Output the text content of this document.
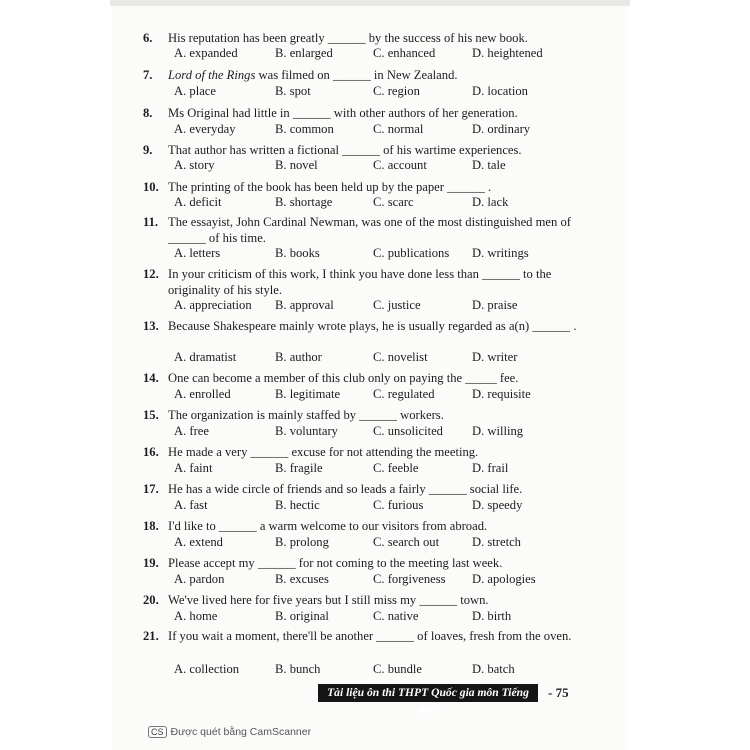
6. His reputation has been greatly ______ by the success of his new book.
A. expanded	B. enlarged	C. enhanced	D. heightened
7. Lord of the Rings was filmed on ______ in New Zealand.
A. place	B. spot	C. region	D. location
8. Ms Original had little in ______ with other authors of her generation.
A. everyday	B. common	C. normal	D. ordinary
9. That author has written a fictional ______ of his wartime experiences.
A. story	B. novel	C. account	D. tale
10. The printing of the book has been held up by the paper ______ .
A. deficit	B. shortage	C. scarc	D. lack
11. The essayist, John Cardinal Newman, was one of the most distinguished men of ______ of his time.
A. letters	B. books	C. publications D. writings
12. In your criticism of this work, I think you have done less than ______ to the originality of his style.
A. appreciation B. approval	C. justice	D. praise
13. Because Shakespeare mainly wrote plays, he is usually regarded as a(n) ______ .
A. dramatist	B. author	C. novelist	D. writer
14. One can become a member of this club only on paying the _____ fee.
A. enrolled	B. legitimate	C. regulated	D. requisite
15. The organization is mainly staffed by ______ workers.
A. free	B. voluntary	C. unsolicited D. willing
16. He made a very ______ excuse for not attending the meeting.
A. faint	B. fragile	C. feeble	D. frail
17. He has a wide circle of friends and so leads a fairly ______ social life.
A. fast	B. hectic	C. furious	D. speedy
18. I'd like to ______ a warm welcome to our visitors from abroad.
A. extend	B. prolong	C. search out	D. stretch
19. Please accept my ______ for not coming to the meeting last week.
A. pardon	B. excuses	C. forgiveness D. apologies
20. We've lived here for five years but I still miss my ______ town.
A. home	B. original	C. native	D. birth
21. If you wait a moment, there'll be another ______ of loaves, fresh from the oven.
A. collection	B. bunch	C. bundle	D. batch
Tài liệu ôn thi THPT Quốc gia môn Tiếng Anh
- 75
CS Được quét bằng CamScanner
